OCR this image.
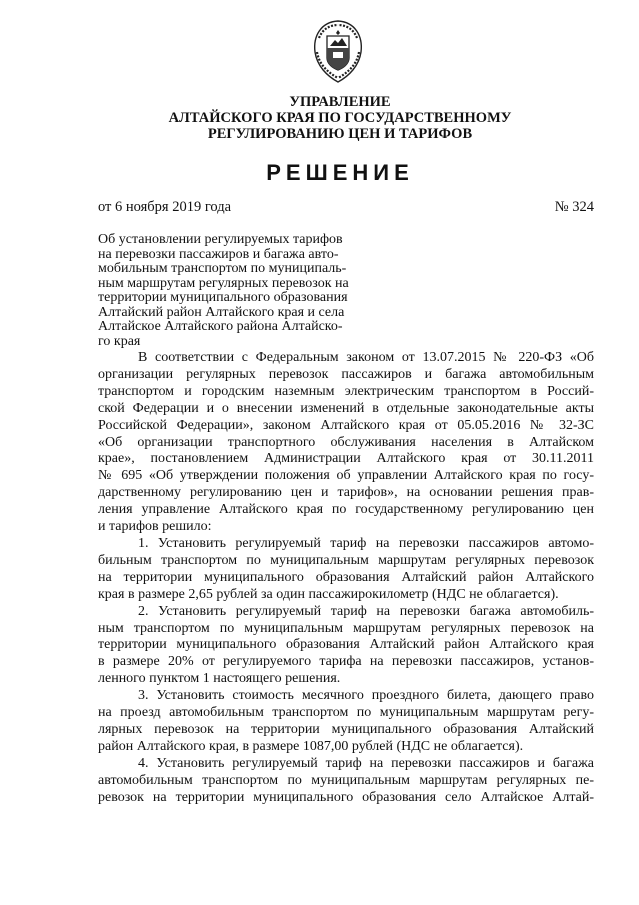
УПРАВЛЕНИЕ
АЛТАЙСКОГО КРАЯ ПО ГОСУДАРСТВЕННОМУ
РЕГУЛИРОВАНИЮ ЦЕН И ТАРИФОВ
РЕШЕНИЕ
от 6 ноября 2019 года	№ 324
Об установлении регулируемых тарифов
на перевозки пассажиров и багажа авто-
мобильным транспортом по муниципаль-
ным маршрутам регулярных перевозок на
территории муниципального образования
Алтайский район Алтайского края и села
Алтайское Алтайского района Алтайско-
го края
В соответствии с Федеральным законом от 13.07.2015 № 220-ФЗ «Об
организации регулярных перевозок пассажиров и багажа автомобильным
транспортом и городским наземным электрическим транспортом в Россий-
ской Федерации и о внесении изменений в отдельные законодательные акты
Российской Федерации», законом Алтайского края от 05.05.2016 № 32-ЗС
«Об организации транспортного обслуживания населения в Алтайском
крае», постановлением Администрации Алтайского края от 30.11.2011
№ 695 «Об утверждении положения об управлении Алтайского края по госу-
дарственному регулированию цен и тарифов», на основании решения прав-
ления управление Алтайского края по государственному регулированию цен
и тарифов решило:
1. Установить регулируемый тариф на перевозки пассажиров автомо-
бильным транспортом по муниципальным маршрутам регулярных перевозок
на территории муниципального образования Алтайский район Алтайского
края в размере 2,65 рублей за один пассажирокилометр (НДС не облагается).
2. Установить регулируемый тариф на перевозки багажа автомобиль-
ным транспортом по муниципальным маршрутам регулярных перевозок на
территории муниципального образования Алтайский район Алтайского края
в размере 20% от регулируемого тарифа на перевозки пассажиров, установ-
ленного пунктом 1 настоящего решения.
3. Установить стоимость месячного проездного билета, дающего право
на проезд автомобильным транспортом по муниципальным маршрутам регу-
лярных перевозок на территории муниципального образования Алтайский
район Алтайского края, в размере 1087,00 рублей (НДС не облагается).
4. Установить регулируемый тариф на перевозки пассажиров и багажа
автомобильным транспортом по муниципальным маршрутам регулярных пе-
ревозок на территории муниципального образования село Алтайское Алтай-
